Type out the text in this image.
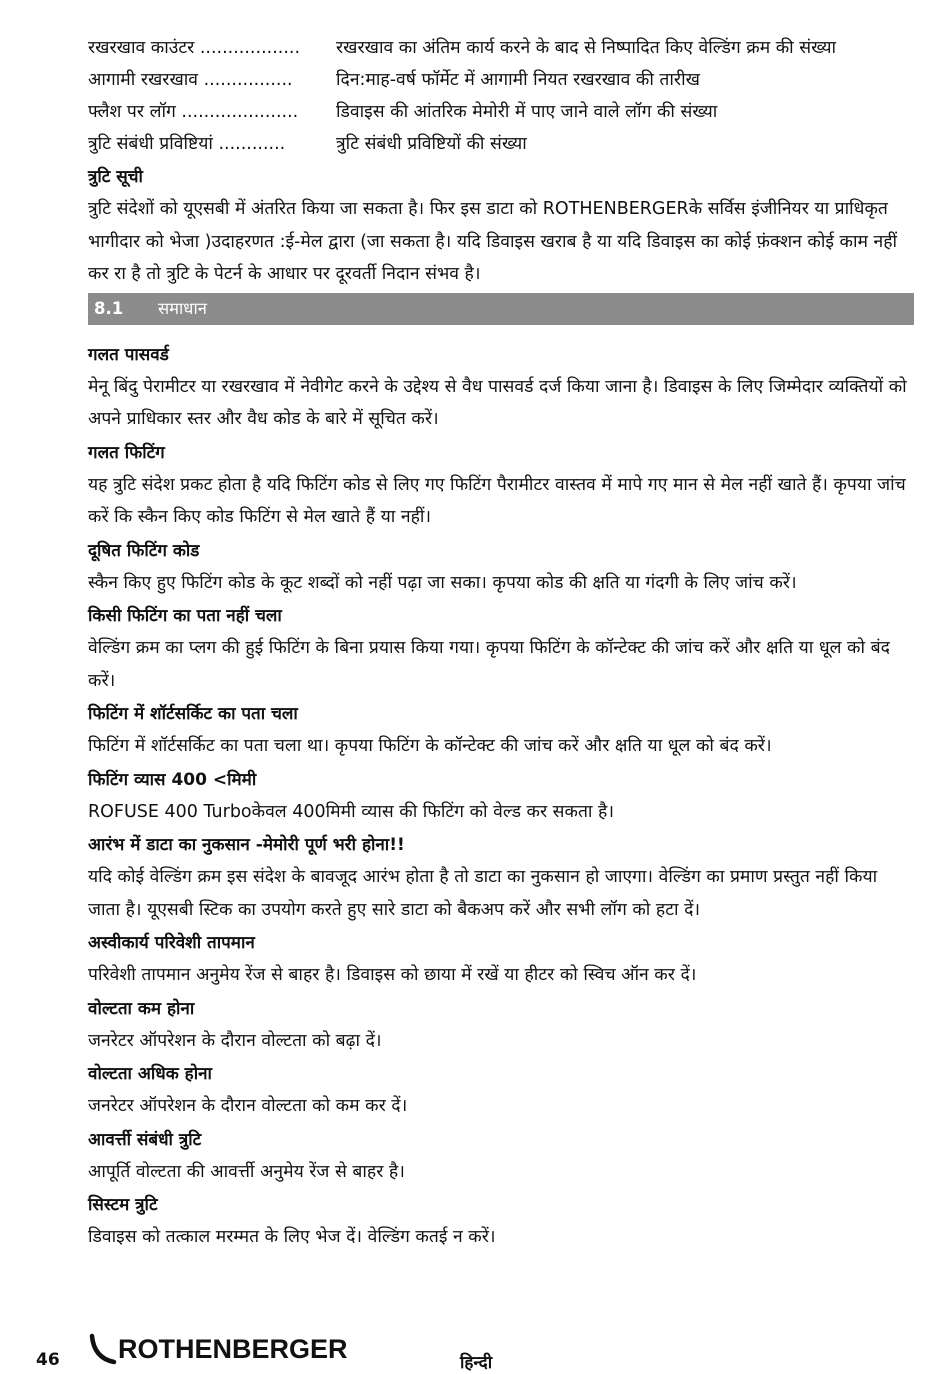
रखरखाव काउंटर ..................	रखरखाव का अंतिम कार्य करने के बाद से निष्पादित किए वेल्डिंग क्रम की संख्या
आगामी रखरखाव ................	दिन:माह-वर्ष फॉर्मेट में आगामी नियत रखरखाव की तारीख
फ्लैश पर लॉग .....................	डिवाइस की आंतरिक मेमोरी में पाए जाने वाले लॉग की संख्या
त्रुटि संबंधी प्रविष्टियां ............	त्रुटि संबंधी प्रविष्टियों की संख्या
त्रुटि सूची
त्रुटि संदेशों को यूएसबी में अंतरित किया जा सकता है। फिर इस डाटा को ROTHENBERGERके सर्विस इंजीनियर या प्राधिकृत भागीदार को भेजा )उदाहरणत :ई-मेल द्वारा (जा सकता है। यदि डिवाइस खराब है या यदि डिवाइस का कोई फ़ंक्शन कोई काम नहीं कर रा है तो त्रुटि के पेटर्न के आधार पर दूरवर्ती निदान संभव है।
8.1	समाधान
गलत पासवर्ड
मेनू बिंदु पेरामीटर या रखरखाव में नेवीगेट करने के उद्देश्य से वैध पासवर्ड दर्ज किया जाना है। डिवाइस के लिए जिम्मेदार व्यक्तियों को अपने प्राधिकार स्तर और वैध कोड के बारे में सूचित करें।
गलत फिटिंग
यह त्रुटि संदेश प्रकट होता है यदि फिटिंग कोड से लिए गए फिटिंग पैरामीटर वास्तव में मापे गए मान से मेल नहीं खाते हैं। कृपया जांच करें कि स्कैन किए कोड फिटिंग से मेल खाते हैं या नहीं।
दूषित फिटिंग कोड
स्कैन किए हुए फिटिंग कोड के कूट शब्दों को नहीं पढ़ा जा सका। कृपया कोड की क्षति या गंदगी के लिए जांच करें।
किसी फिटिंग का पता नहीं चला
वेल्डिंग क्रम का प्लग की हुई फिटिंग के बिना प्रयास किया गया। कृपया फिटिंग के कॉन्टेक्ट की जांच करें और क्षति या धूल को बंद करें।
फिटिंग में शॉर्टसर्किट का पता चला
फिटिंग में शॉर्टसर्किट का पता चला था। कृपया फिटिंग के कॉन्टेक्ट की जांच करें और क्षति या धूल को बंद करें।
फिटिंग व्यास 400 <मिमी
ROFUSE 400 Turboकेवल 400मिमी व्यास की फिटिंग को वेल्ड कर सकता है।
आरंभ में डाटा का नुकसान -मेमोरी पूर्ण भरी होना!!
यदि कोई वेल्डिंग क्रम इस संदेश के बावजूद आरंभ होता है तो डाटा का नुकसान हो जाएगा। वेल्डिंग का प्रमाण प्रस्तुत नहीं किया जाता है। यूएसबी स्टिक का उपयोग करते हुए सारे डाटा को बैकअप करें और सभी लॉग को हटा दें।
अस्वीकार्य परिवेशी तापमान
परिवेशी तापमान अनुमेय रेंज से बाहर है। डिवाइस को छाया में रखें या हीटर को स्विच ऑन कर दें।
वोल्टता कम होना
जनरेटर ऑपरेशन के दौरान वोल्टता को बढ़ा दें।
वोल्टता अधिक होना
जनरेटर ऑपरेशन के दौरान वोल्टता को कम कर दें।
आवर्त्ती संबंधी त्रुटि
आपूर्ति वोल्टता की आवर्त्ती अनुमेय रेंज से बाहर है।
सिस्टम त्रुटि
डिवाइस को तत्काल मरम्मत के लिए भेज दें। वेल्डिंग कतई न करें।
46 ROTHENBERGER	हिन्दी
